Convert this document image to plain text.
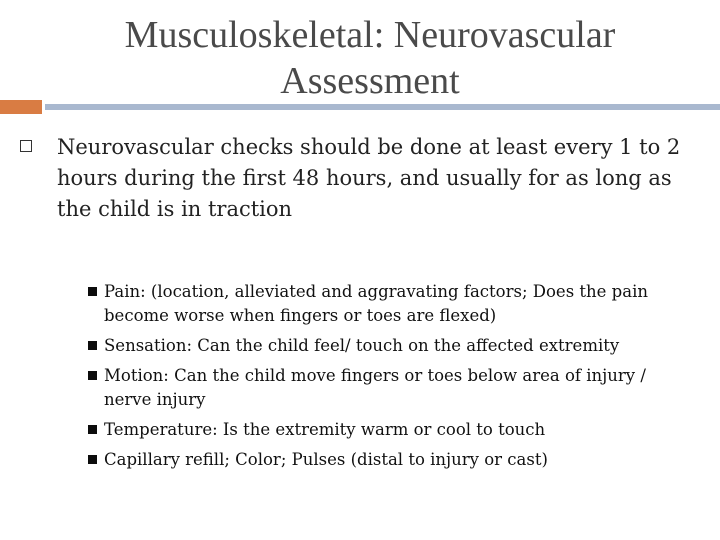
Musculoskeletal: Neurovascular Assessment
Neurovascular checks should be done at least every 1 to 2 hours during the first 48 hours, and usually for as long as the child is in traction
Pain: (location, alleviated and aggravating factors; Does the pain become worse when fingers or toes are flexed)
Sensation: Can the child feel/ touch on the affected extremity
Motion: Can the child move fingers or toes below area of injury / nerve injury
Temperature: Is the extremity warm or cool to touch
Capillary refill; Color; Pulses (distal to injury or cast)
